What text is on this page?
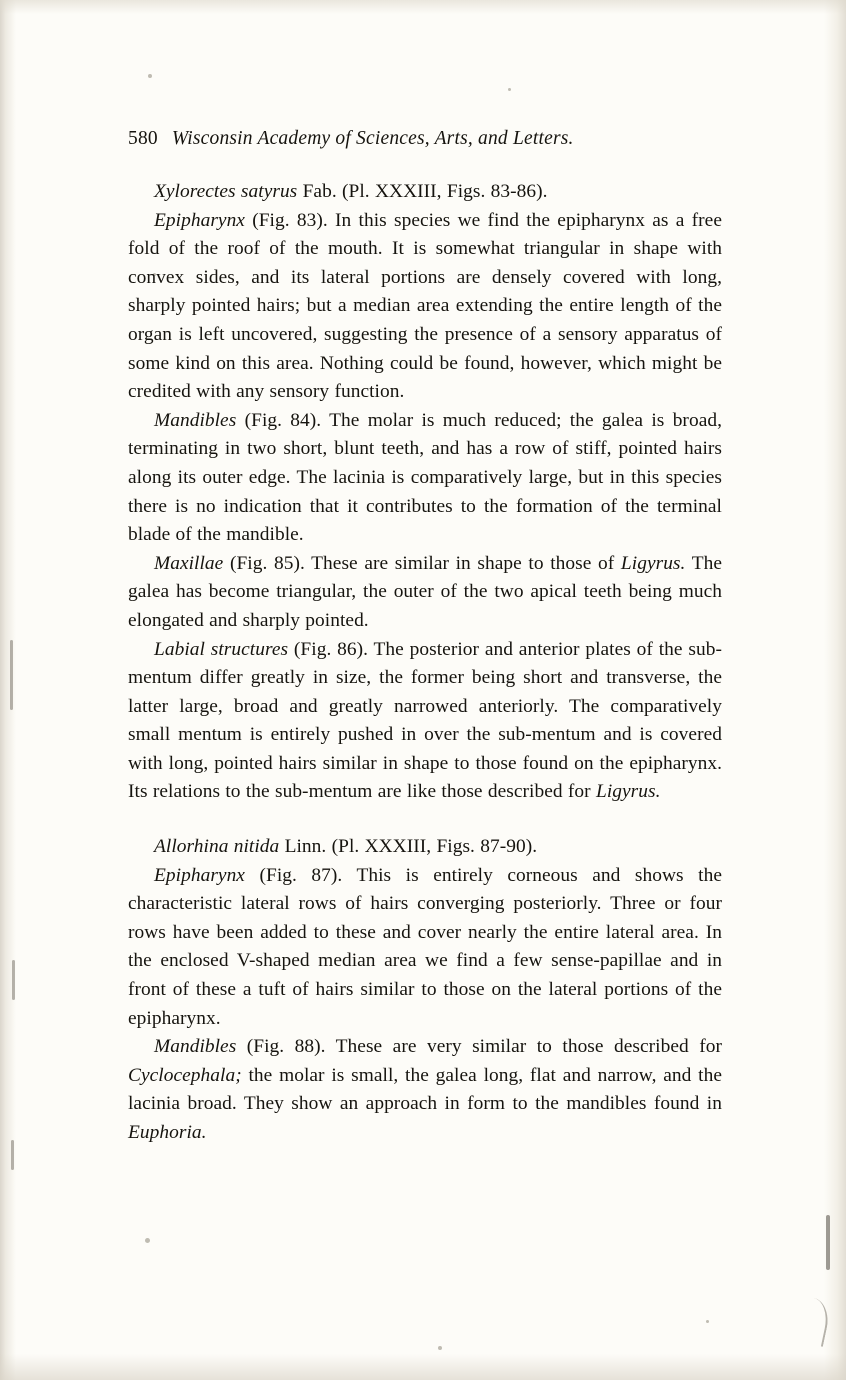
580 Wisconsin Academy of Sciences, Arts, and Letters.

Xylorectes satyrus Fab. (Pl. XXXIII, Figs. 83-86).

Epipharynx (Fig. 83). In this species we find the epipharynx as a free fold of the roof of the mouth. It is somewhat triangular in shape with convex sides, and its lateral portions are densely covered with long, sharply pointed hairs; but a median area extending the entire length of the organ is left uncovered, suggesting the presence of a sensory apparatus of some kind on this area. Nothing could be found, however, which might be credited with any sensory function.

Mandibles (Fig. 84). The molar is much reduced; the galea is broad, terminating in two short, blunt teeth, and has a row of stiff, pointed hairs along its outer edge. The lacinia is comparatively large, but in this species there is no indication that it contributes to the formation of the terminal blade of the mandible.

Maxillae (Fig. 85). These are similar in shape to those of Ligyrus. The galea has become triangular, the outer of the two apical teeth being much elongated and sharply pointed.

Labial structures (Fig. 86). The posterior and anterior plates of the sub-mentum differ greatly in size, the former being short and transverse, the latter large, broad and greatly narrowed anteriorly. The comparatively small mentum is entirely pushed in over the sub-mentum and is covered with long, pointed hairs similar in shape to those found on the epipharynx. Its relations to the sub-mentum are like those described for Ligyrus.

Allorhina nitida Linn. (Pl. XXXIII, Figs. 87-90).

Epipharynx (Fig. 87). This is entirely corneous and shows the characteristic lateral rows of hairs converging posteriorly. Three or four rows have been added to these and cover nearly the entire lateral area. In the enclosed V-shaped median area we find a few sense-papillae and in front of these a tuft of hairs similar to those on the lateral portions of the epipharynx.

Mandibles (Fig. 88). These are very similar to those described for Cyclocephala; the molar is small, the galea long, flat and narrow, and the lacinia broad. They show an approach in form to the mandibles found in Euphoria.
